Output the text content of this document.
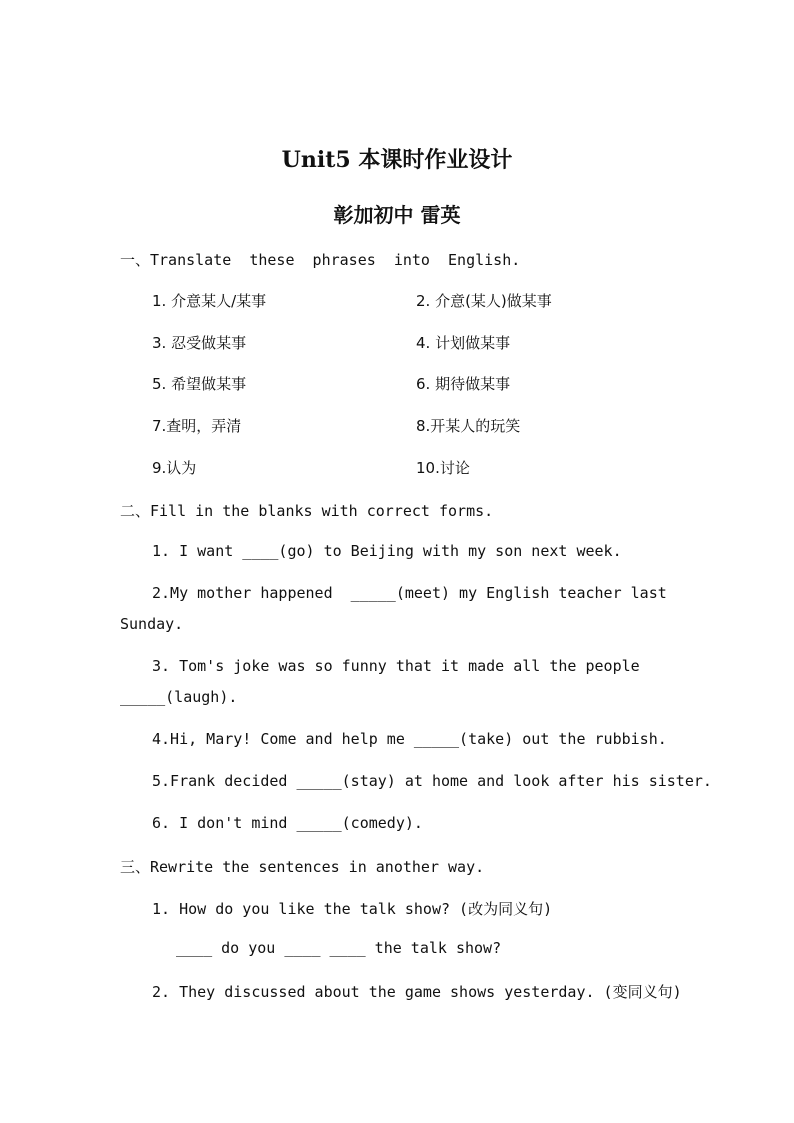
Unit5 本课时作业设计
彰加初中 雷英
一、Translate  these  phrases  into  English.
1. 介意某人/某事	2. 介意(某人)做某事
3. 忍受做某事	4. 计划做某事
5. 希望做某事	6. 期待做某事
7.查明，弄清	8.开某人的玩笑
9.认为	10.讨论
二、Fill in the blanks with correct forms.
1. I want ____(go) to Beijing with my son next week.
2.My mother happened  _____(meet) my English teacher last
Sunday.
3. Tom's joke was so funny that it made all the people
_____(laugh).
4.Hi, Mary! Come and help me _____(take) out the rubbish.
5.Frank decided _____(stay) at home and look after his sister.
6. I don't mind _____(comedy).
三、Rewrite the sentences in another way.
1. How do you like the talk show? (改为同义句)
____ do you ____ ____ the talk show?
2. They discussed about the game shows yesterday. (变同义句)
